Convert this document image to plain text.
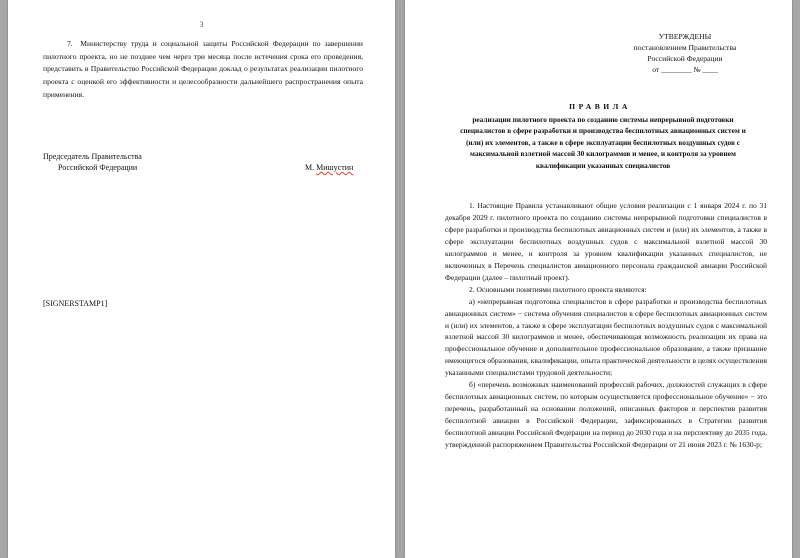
3

7. Министерству труда и социальной защиты Российской Федерации по завершении пилотного проекта, но не позднее чем через три месяца после истечения срока его проведения, представить в Правительство Российской Федерации доклад о результатах реализации пилотного проекта с оценкой его эффективности и целесообразности дальнейшего распространения опыта применения.

Председатель Правительства
Российской Федерации	М. Мишустин
[SIGNERSTAMP1]
УТВЕРЖДЕНЫ
постановлением Правительства
Российской Федерации
от ________ № ____
ПРАВИЛА
реализации пилотного проекта по созданию системы непрерывной подготовки специалистов в сфере разработки и производства беспилотных авиационных систем и (или) их элементов, а также в сфере эксплуатации беспилотных воздушных судов с максимальной взлетной массой 30 килограммов и менее, и контроля за уровнем квалификации указанных специалистов

1. Настоящие Правила устанавливают общие условия реализации с 1 января 2024 г. по 31 декабря 2029 г. пилотного проекта по созданию системы непрерывной подготовки специалистов в сфере разработки и производства беспилотных авиационных систем и (или) их элементов, а также в сфере эксплуатации беспилотных воздушных судов с максимальной взлетной массой 30 килограммов и менее, и контроля за уровнем квалификации указанных специалистов, не включенных в Перечень специалистов авиационного персонала гражданской авиации Российской Федерации (далее – пилотный проект).

2. Основными понятиями пилотного проекта являются:

а) «непрерывная подготовка специалистов в сфере разработки и производства беспилотных авиационных систем» − система обучения специалистов в сфере беспилотных авиационных систем и (или) их элементов, а также в сфере эксплуатации беспилотных воздушных судов с максимальной взлетной массой 30 килограммов и менее, обеспечивающая возможность реализации их права на профессиональное обучение и дополнительное профессиональное образование, а также признание имеющегося образования, квалификации, опыта практической деятельности в целях осуществления указанными специалистами трудовой деятельности;

б) «перечень возможных наименований профессий рабочих, должностей служащих в сфере беспилотных авиационных систем, по которым осуществляется профессиональное обучение» − это перечень, разработанный на основании положений, описанных факторов и перспектив развития беспилотной авиации в Российской Федерации, зафиксированных в Стратегии развития беспилотной авиации Российской Федерации на период до 2030 года и на перспективу до 2035 года, утвержденной распоряжением Правительства Российской Федерации от 21 июня 2023 г. № 1630-р;
